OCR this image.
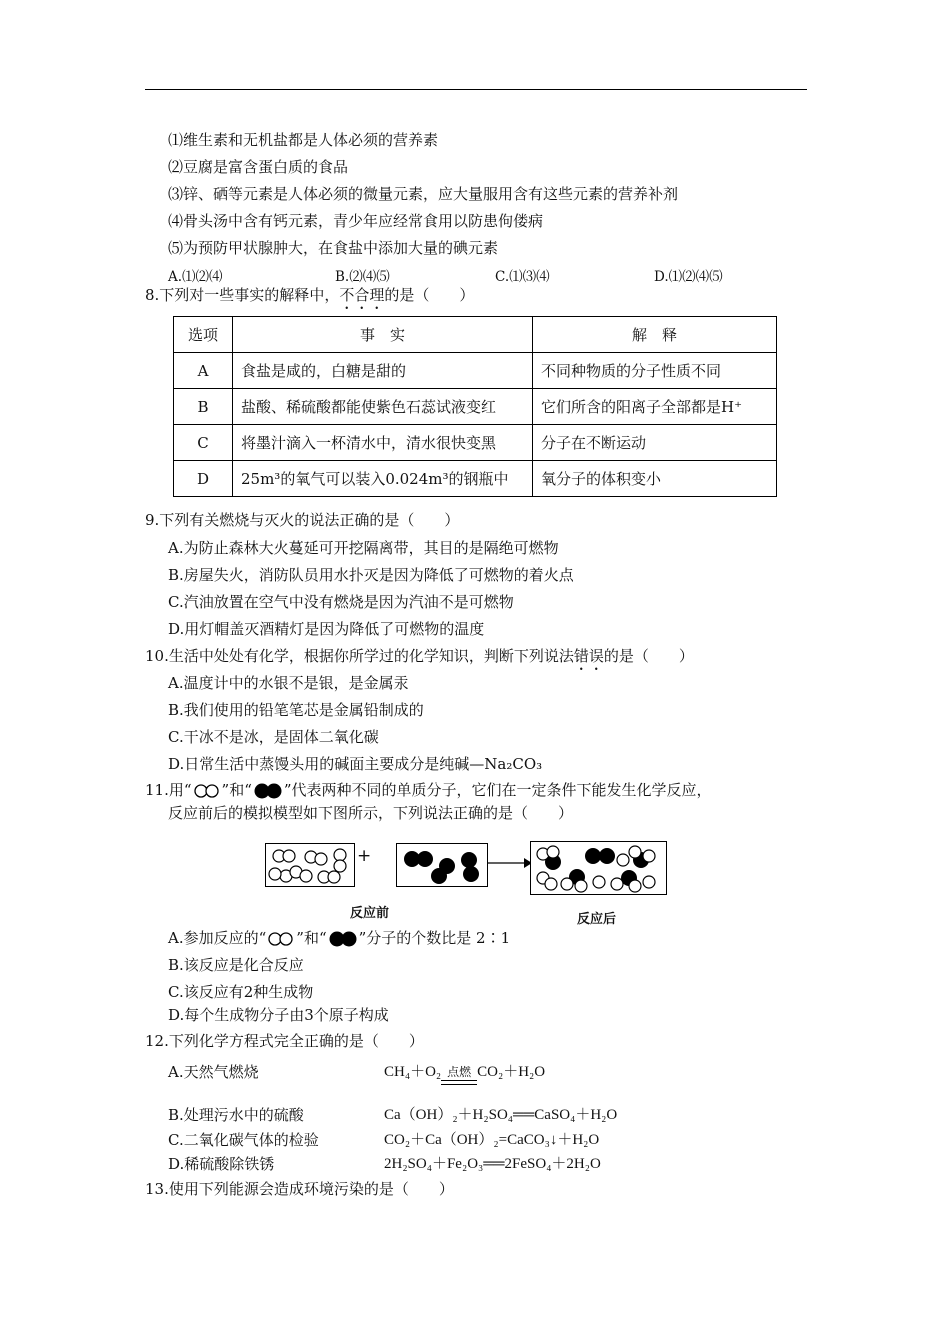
⑴维生素和无机盐都是人体必须的营养素
⑵豆腐是富含蛋白质的食品
⑶锌、硒等元素是人体必须的微量元素，应大量服用含有这些元素的营养补剂
⑷骨头汤中含有钙元素，青少年应经常食用以防患佝偻病
⑸为预防甲状腺肿大，在食盐中添加大量的碘元素
A.⑴⑵⑷	B.⑵⑷⑸	C.⑴⑶⑷	D.⑴⑵⑷⑸
8.下列对一些事实的解释中，不合理的是（　　）
选项	事　实	解　释
A	食盐是咸的，白糖是甜的	不同种物质的分子性质不同
B	盐酸、稀硫酸都能使紫色石蕊试液变红	它们所含的阳离子全部都是H⁺
C	将墨汁滴入一杯清水中，清水很快变黑	分子在不断运动
D	25m³的氧气可以装入0.024m³的钢瓶中	氧分子的体积变小
9.下列有关燃烧与灭火的说法正确的是（　　）
A.为防止森林大火蔓延可开挖隔离带，其目的是隔绝可燃物
B.房屋失火，消防队员用水扑灭是因为降低了可燃物的着火点
C.汽油放置在空气中没有燃烧是因为汽油不是可燃物
D.用灯帽盖灭酒精灯是因为降低了可燃物的温度
10.生活中处处有化学，根据你所学过的化学知识，判断下列说法错误的是（　　）
A.温度计中的水银不是银，是金属汞
B.我们使用的铅笔笔芯是金属铅制成的
C.干冰不是冰，是固体二氧化碳
D.日常生活中蒸馒头用的碱面主要成分是纯碱—Na₂CO₃
11.用“ ”和“ ”代表两种不同的单质分子，它们在一定条件下能发生化学反应，
反应前后的模拟模型如下图所示，下列说法正确的是（　　）
+
反应前	反应后
A.参加反应的“ ”和“ ”分子的个数比是 2∶1
B.该反应是化合反应
C.该反应有2种生成物
D.每个生成物分子由3个原子构成
12.下列化学方程式完全正确的是（　　）
A.天然气燃烧	CH₄＋O₂ 点燃 CO₂＋H₂O
B.处理污水中的硫酸	Ca（OH）₂＋H₂SO₄══CaSO₄＋H₂O
C.二氧化碳气体的检验	CO₂＋Ca（OH）₂=CaCO₃↓＋H₂O
D.稀硫酸除铁锈	2H₂SO₄＋Fe₂O₃══2FeSO₄＋2H₂O
13.使用下列能源会造成环境污染的是（　　）
